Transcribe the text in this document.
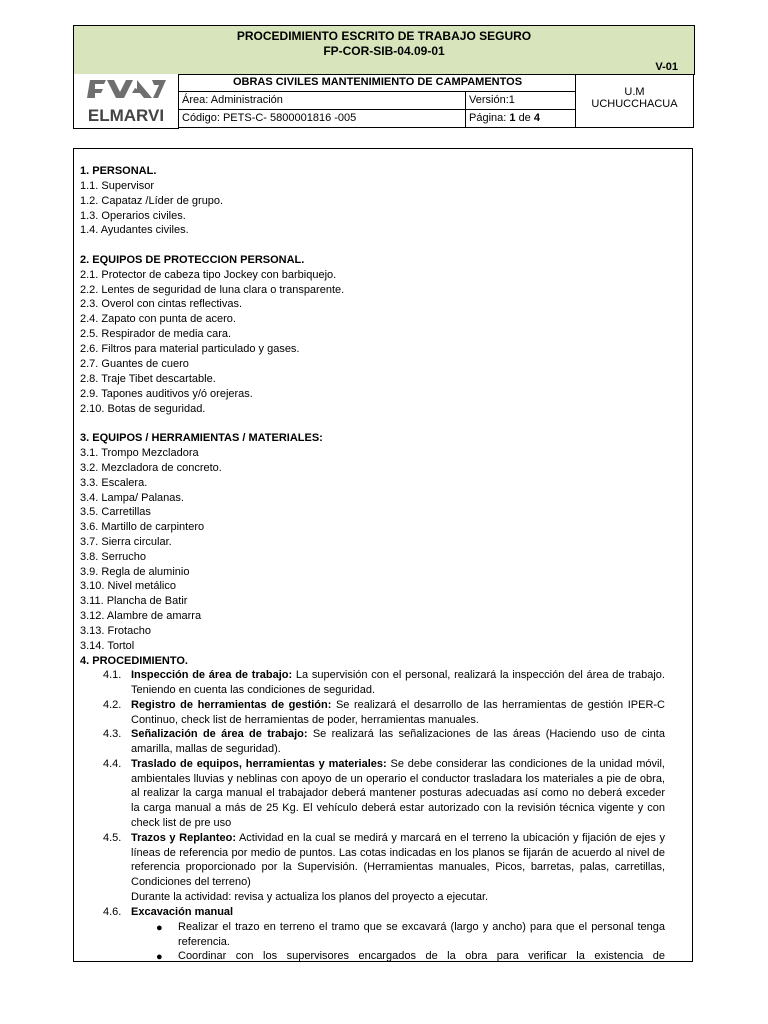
PROCEDIMIENTO ESCRITO DE TRABAJO SEGURO
FP-COR-SIB-04.09-01
V-01
ELMARVI
OBRAS CIVILES MANTENIMIENTO DE CAMPAMENTOS
Área: Administración	Versión:1
Código: PETS-C- 5800001816 -005	Página: 1 de 4
U.M
UCHUCCHACUA
1. PERSONAL.
1.1. Supervisor
1.2. Capataz /Líder de grupo.
1.3. Operarios civiles.
1.4. Ayudantes civiles.
2. EQUIPOS DE PROTECCION PERSONAL.
2.1. Protector de cabeza tipo Jockey con barbiquejo.
2.2. Lentes de seguridad de luna clara o transparente.
2.3. Overol con cintas reflectivas.
2.4. Zapato con punta de acero.
2.5. Respirador de media cara.
2.6. Filtros para material particulado y gases.
2.7. Guantes de cuero
2.8. Traje Tibet descartable.
2.9. Tapones auditivos y/ó orejeras.
2.10. Botas de seguridad.
3. EQUIPOS / HERRAMIENTAS / MATERIALES:
3.1. Trompo Mezcladora
3.2. Mezcladora de concreto.
3.3. Escalera.
3.4. Lampa/ Palanas.
3.5. Carretillas
3.6. Martillo de carpintero
3.7. Sierra circular.
3.8. Serrucho
3.9. Regla de aluminio
3.10. Nivel metálico
3.11. Plancha de Batir
3.12. Alambre de amarra
3.13. Frotacho
3.14. Tortol
4. PROCEDIMIENTO.
4.1. Inspección de área de trabajo: La supervisión con el personal, realizará la inspección del área de trabajo. Teniendo en cuenta las condiciones de seguridad.
4.2. Registro de herramientas de gestión: Se realizará el desarrollo de las herramientas de gestión IPER-C Continuo, check list de herramientas de poder, herramientas manuales.
4.3. Señalización de área de trabajo: Se realizará las señalizaciones de las áreas (Haciendo uso de cinta amarilla, mallas de seguridad).
4.4. Traslado de equipos, herramientas y materiales: Se debe considerar las condiciones de la unidad móvil, ambientales lluvias y neblinas con apoyo de un operario el conductor trasladara los materiales a pie de obra, al realizar la carga manual el trabajador deberá mantener posturas adecuadas así como no deberá exceder la carga manual a más de 25 Kg. El vehículo deberá estar autorizado con la revisión técnica vigente y con check list de pre uso
4.5. Trazos y Replanteo: Actividad en la cual se medirá y marcará en el terreno la ubicación y fijación de ejes y líneas de referencia por medio de puntos. Las cotas indicadas en los planos se fijarán de acuerdo al nivel de referencia proporcionado por la Supervisión. (Herramientas manuales, Picos, barretas, palas, carretillas, Condiciones del terreno)
Durante la actividad: revisa y actualiza los planos del proyecto a ejecutar.
4.6. Excavación manual
● Realizar el trazo en terreno el tramo que se excavará (largo y ancho) para que el personal tenga referencia.
● Coordinar con los supervisores encargados de la obra para verificar la existencia de
